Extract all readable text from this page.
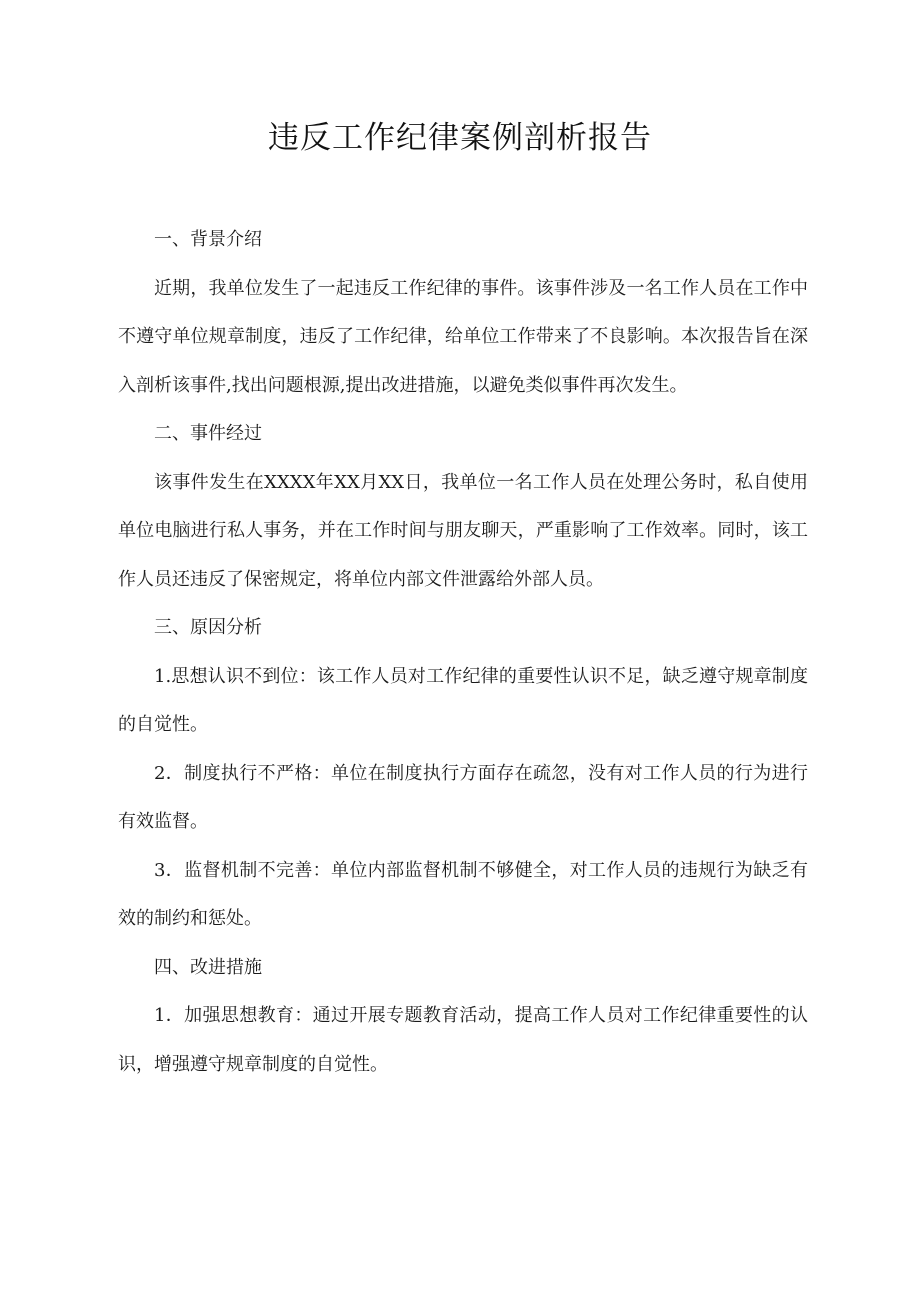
违反工作纪律案例剖析报告

一、背景介绍

近期，我单位发生了一起违反工作纪律的事件。该事件涉及一名工作人员在工作中不遵守单位规章制度，违反了工作纪律，给单位工作带来了不良影响。本次报告旨在深入剖析该事件,找出问题根源,提出改进措施，以避免类似事件再次发生。

二、事件经过

该事件发生在XXXX年XX月XX日，我单位一名工作人员在处理公务时，私自使用单位电脑进行私人事务，并在工作时间与朋友聊天，严重影响了工作效率。同时，该工作人员还违反了保密规定，将单位内部文件泄露给外部人员。

三、原因分析

1.思想认识不到位：该工作人员对工作纪律的重要性认识不足，缺乏遵守规章制度的自觉性。

2．制度执行不严格：单位在制度执行方面存在疏忽，没有对工作人员的行为进行有效监督。

3．监督机制不完善：单位内部监督机制不够健全，对工作人员的违规行为缺乏有效的制约和惩处。

四、改进措施

1．加强思想教育：通过开展专题教育活动，提高工作人员对工作纪律重要性的认识，增强遵守规章制度的自觉性。
